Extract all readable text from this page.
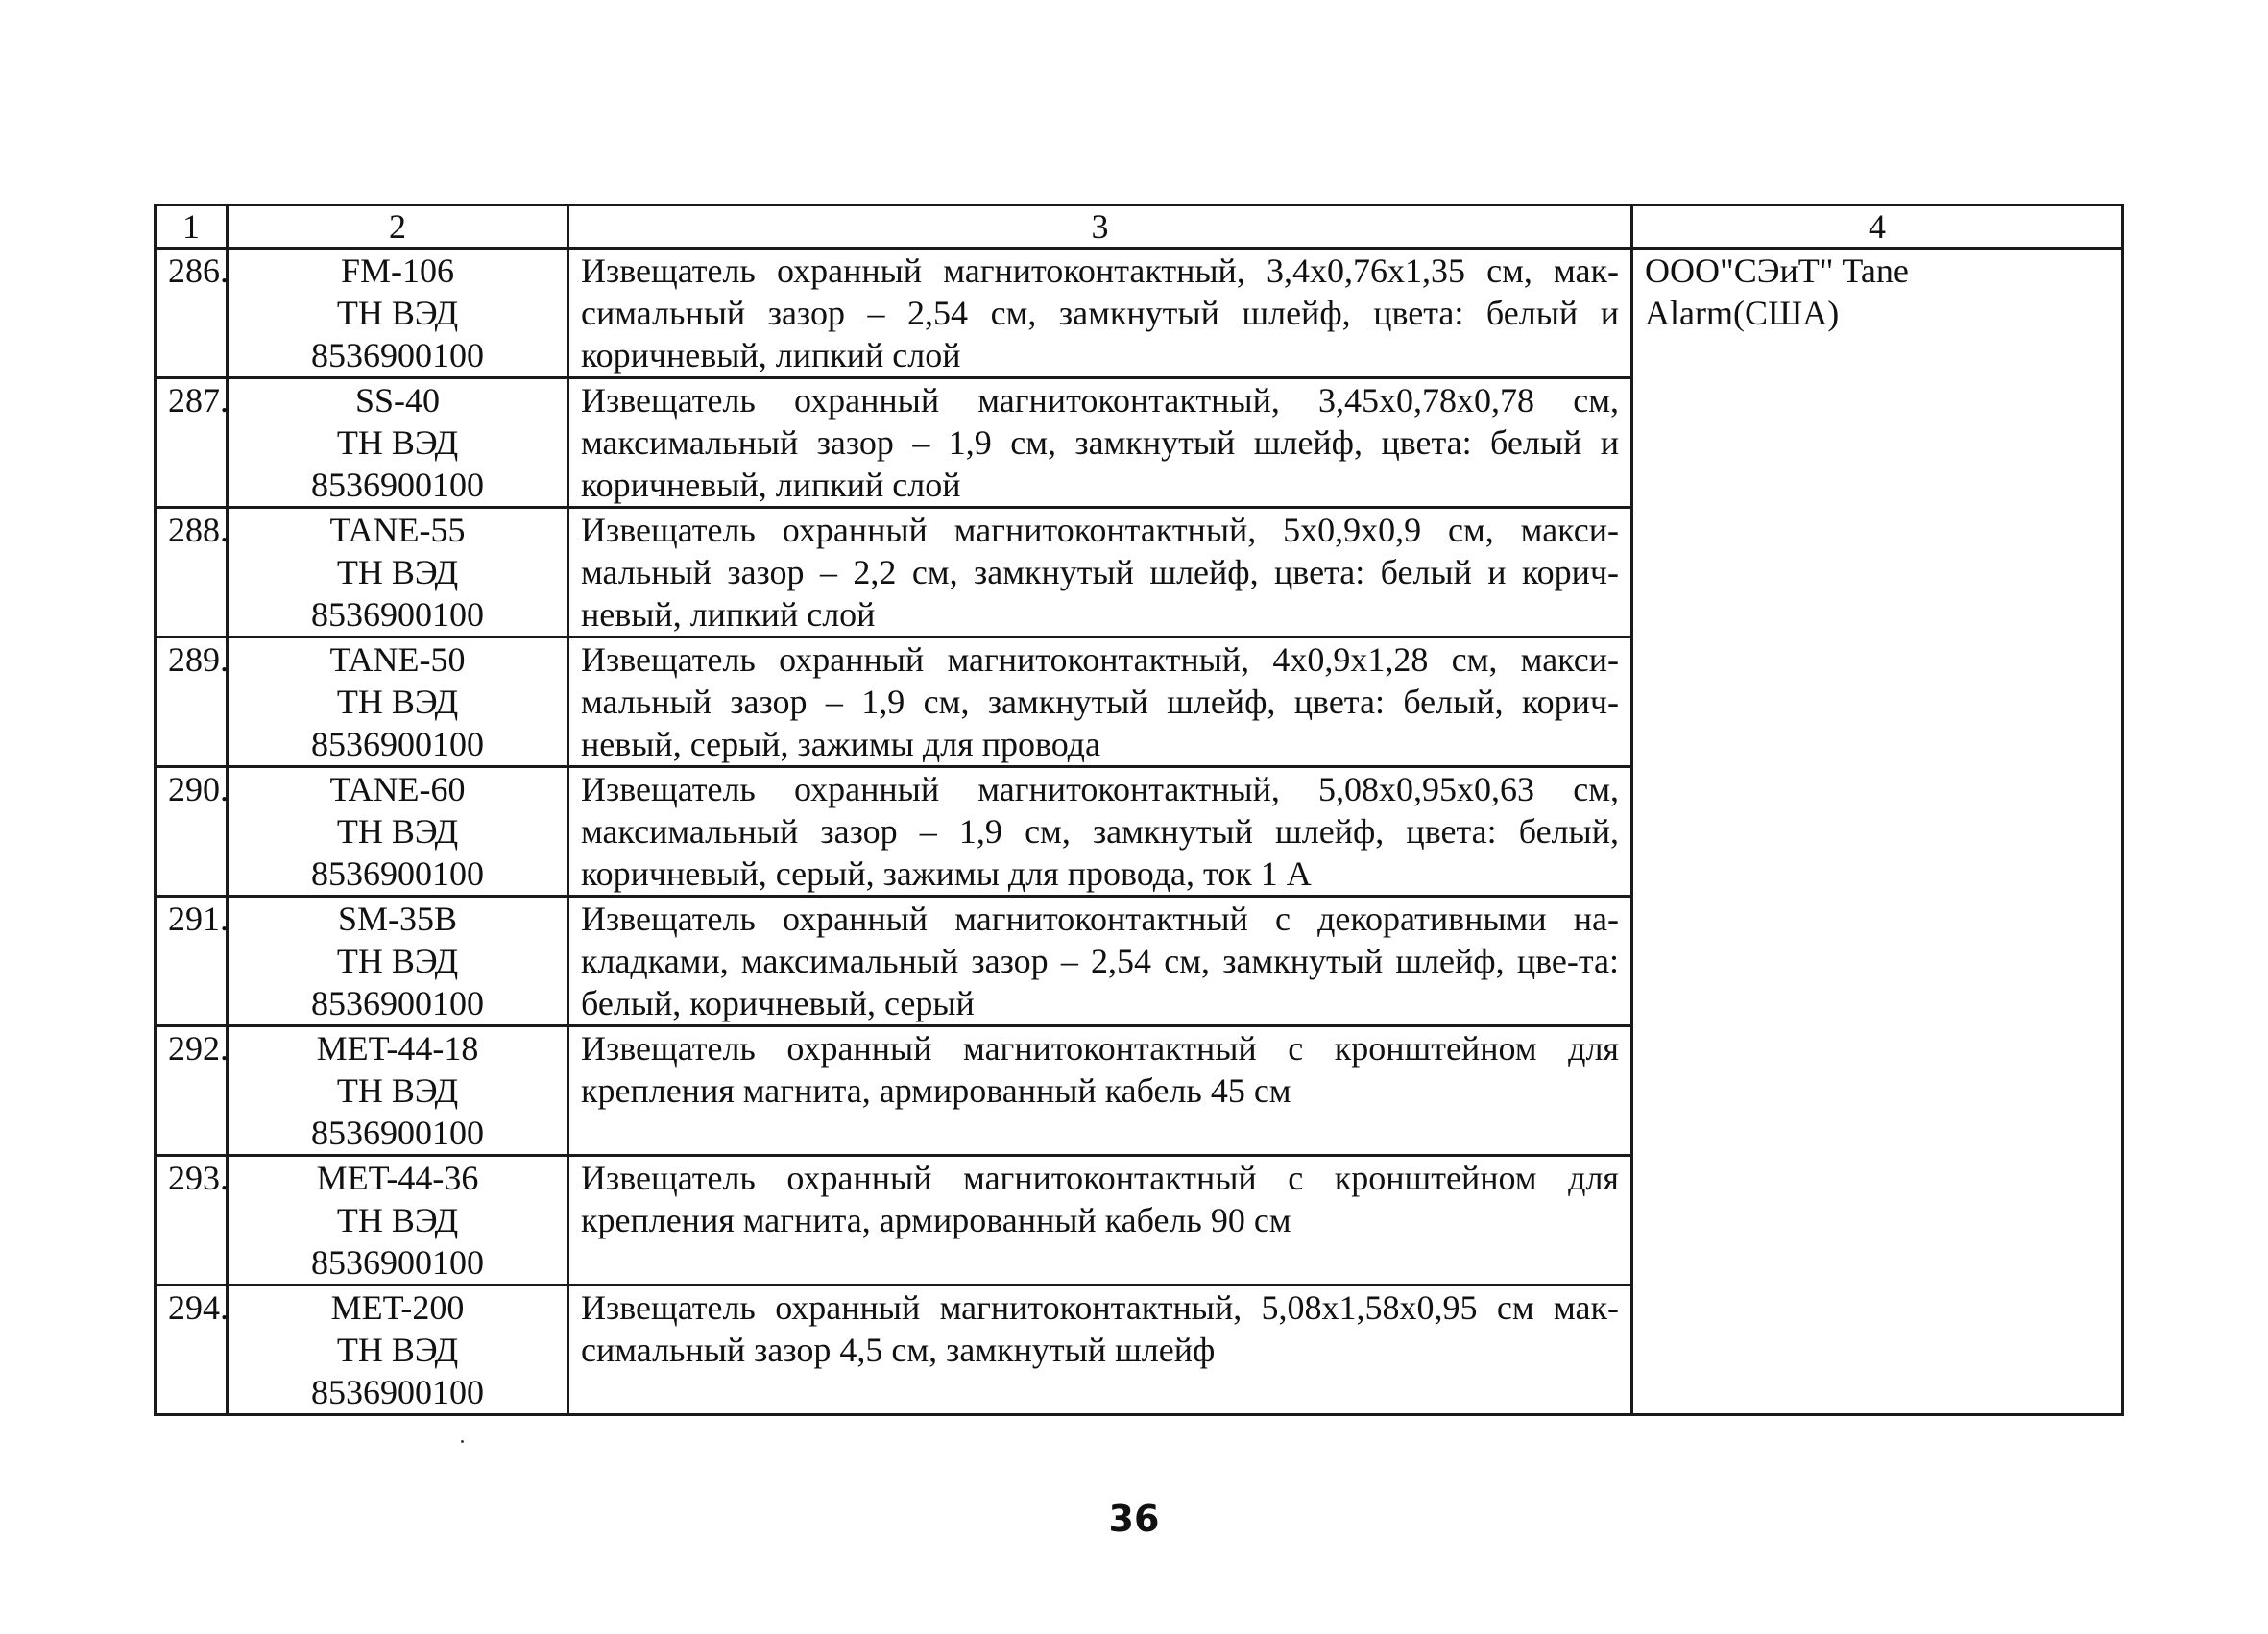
1	2	3	4
286.	FM-106
ТН ВЭД
8536900100	Извещатель охранный магнитоконтактный, 3,4x0,76x1,35 см, мак-симальный зазор – 2,54 см, замкнутый шлейф, цвета: белый и коричневый, липкий слой	ООО"СЭиТ" Tane Alarm(США)
287.	SS-40
ТН ВЭД
8536900100	Извещатель охранный магнитоконтактный, 3,45x0,78x0,78 см, максимальный зазор – 1,9 см, замкнутый шлейф, цвета: белый и коричневый, липкий слой	
288.	TANE-55
ТН ВЭД
8536900100	Извещатель охранный магнитоконтактный, 5x0,9x0,9 см, макси-мальный зазор – 2,2 см, замкнутый шлейф, цвета: белый и корич-невый, липкий слой	
289.	TANE-50
ТН ВЭД
8536900100	Извещатель охранный магнитоконтактный, 4x0,9x1,28 см, макси-мальный зазор – 1,9 см, замкнутый шлейф, цвета: белый, корич-невый, серый, зажимы для провода	
290.	TANE-60
ТН ВЭД
8536900100	Извещатель охранный магнитоконтактный, 5,08x0,95x0,63 см, максимальный зазор – 1,9 см, замкнутый шлейф, цвета: белый, коричневый, серый, зажимы для провода, ток 1 А	
291.	SM-35B
ТН ВЭД
8536900100	Извещатель охранный магнитоконтактный с декоративными на-кладками, максимальный зазор – 2,54 см, замкнутый шлейф, цве-та: белый, коричневый, серый	
292.	MET-44-18
ТН ВЭД
8536900100	Извещатель охранный магнитоконтактный с кронштейном для крепления магнита, армированный кабель 45 см	
293.	MET-44-36
ТН ВЭД
8536900100	Извещатель охранный магнитоконтактный с кронштейном для крепления магнита, армированный кабель 90 см	
294.	MET-200
ТН ВЭД
8536900100	Извещатель охранный магнитоконтактный, 5,08x1,58x0,95 см мак-симальный зазор 4,5 см, замкнутый шлейф	
36
